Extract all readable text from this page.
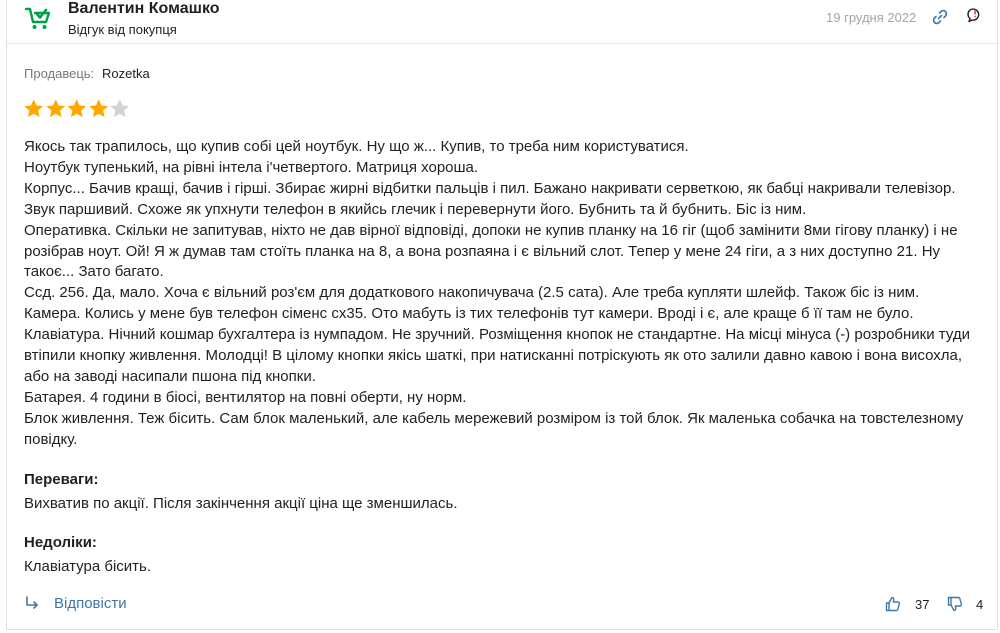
Валентин Комашко
Відгук від покупця
19 грудня 2022
Продавець: Rozetka

Якось так трапилось, що купив собі цей ноутбук. Ну що ж... Купив, то треба ним користуватися.

Ноутбук тупенький, на рівні інтела і'четвертого. Матриця хороша.

Корпус... Бачив кращі, бачив і гірші. Збирає жирні відбитки пальців і пил. Бажано накривати серветкою, як бабці накривали телевізор.

Звук паршивий. Схоже як упхнути телефон в якийсь глечик і перевернути його. Бубнить та й бубнить. Біс із ним.

Оперативка. Скільки не запитував, ніхто не дав вірної відповіді, допоки не купив планку на 16 гіг (щоб замінити 8ми гігову планку) і не розібрав ноут. Ой! Я ж думав там стоїть планка на 8, а вона розпаяна і є вільний слот. Тепер у мене 24 гіги, а з них доступно 21. Ну такоє... Зато багато.

Ссд. 256. Да, мало. Хоча є вільний роз'єм для додаткового накопичувача (2.5 сата). Але треба купляти шлейф. Також біс із ним.

Камера. Колись у мене був телефон сіменс сх35. Ото мабуть із тих телефонів тут камери. Вроді і є, але краще б її там не було.

Клавіатура. Нічний кошмар бухгалтера із нумпадом. Не зручний. Розміщення кнопок не стандартне. На місці мінуса (-) розробники туди втіпили кнопку живлення. Молодці! В цілому кнопки якісь шаткі, при натисканні потріскують як ото залили давно кавою і вона висохла, або на заводі насипали пшона під кнопки.

Батарея. 4 години в біосі, вентилятор на повні оберти, ну норм.

Блок живлення. Теж бісить. Сам блок маленький, але кабель мережевий розміром із той блок. Як маленька собачка на товстелезному повідку.

Переваги:
Вихватив по акції. Після закінчення акції ціна ще зменшилась.
Недоліки:
Клавіатура бісить.
Відповісти	37	4
